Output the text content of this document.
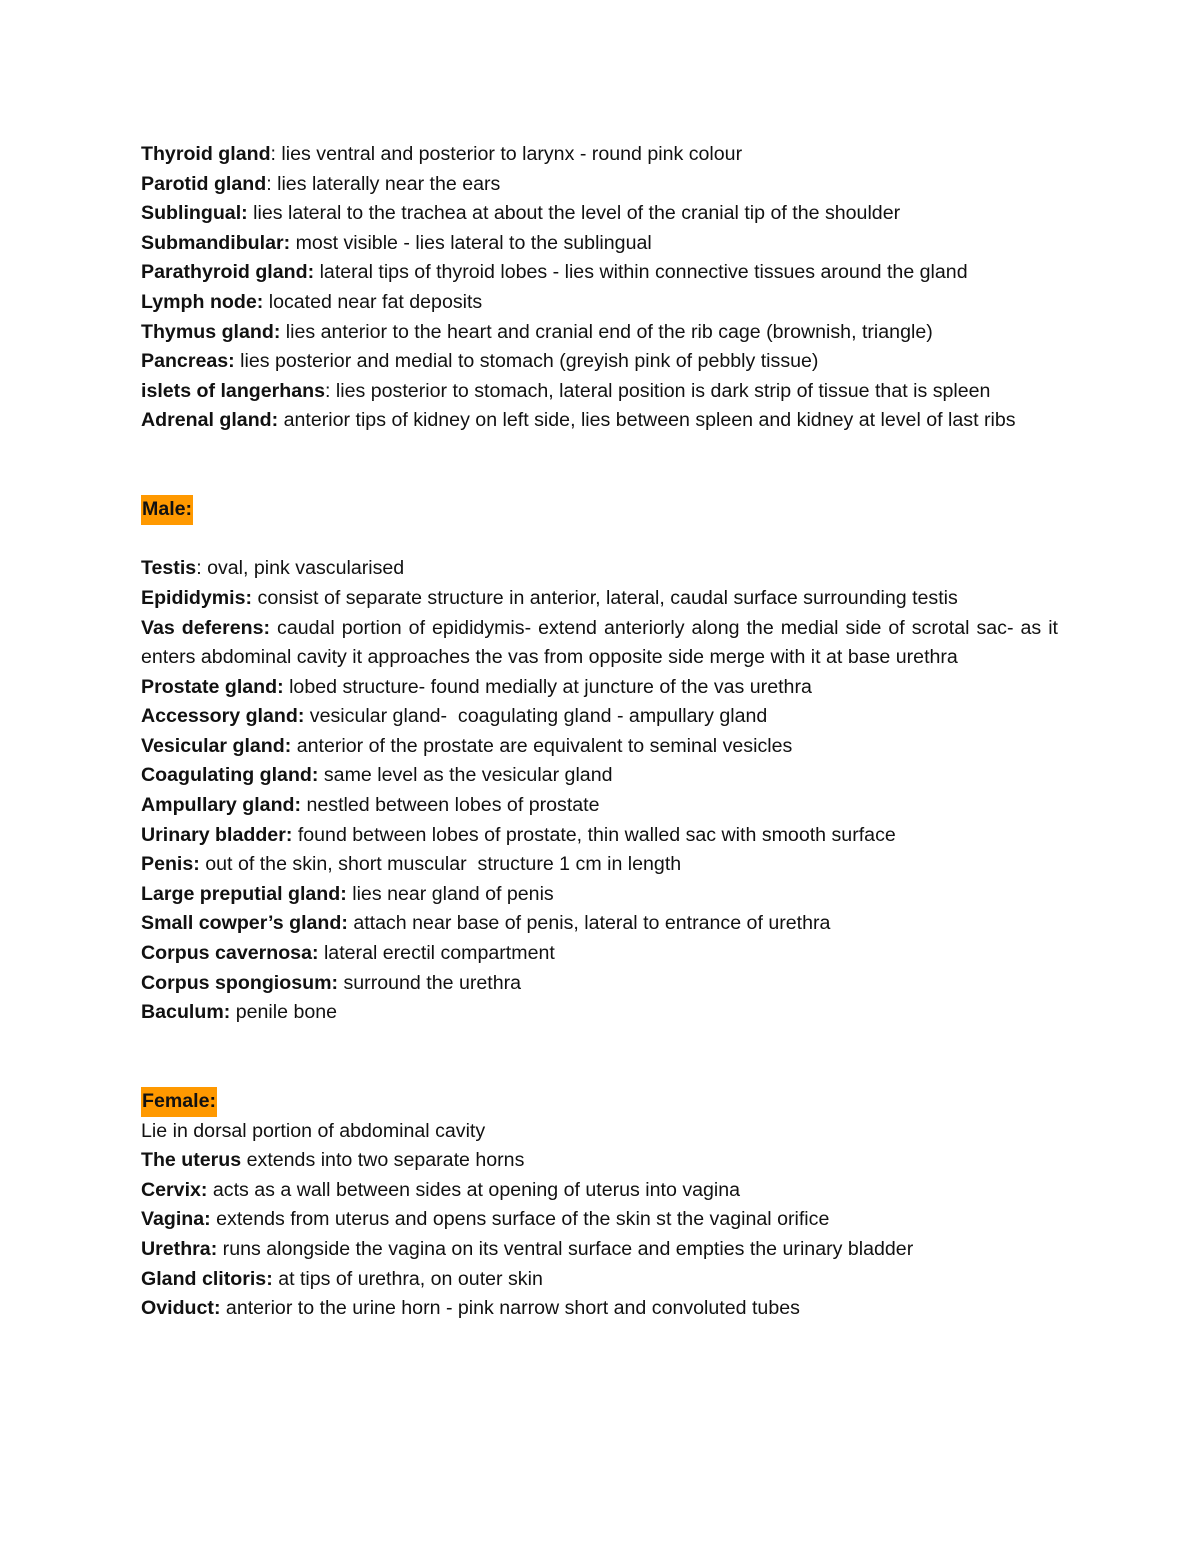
Thyroid gland: lies ventral and posterior to larynx - round pink colour
Parotid gland: lies laterally near the ears
Sublingual: lies lateral to the trachea at about the level of the cranial tip of the shoulder
Submandibular: most visible - lies lateral to the sublingual
Parathyroid gland: lateral tips of thyroid lobes - lies within connective tissues around the gland
Lymph node: located near fat deposits
Thymus gland: lies anterior to the heart and cranial end of the rib cage (brownish, triangle)
Pancreas: lies posterior and medial to stomach (greyish pink of pebbly tissue)
islets of langerhans: lies posterior to stomach, lateral position is dark strip of tissue that is spleen
Adrenal gland: anterior tips of kidney on left side, lies between spleen and kidney at level of last ribs
Male:
Testis: oval, pink vascularised
Epididymis: consist of separate structure in anterior, lateral, caudal surface surrounding testis
Vas deferens: caudal portion of epididymis- extend anteriorly along the medial side of scrotal sac- as it enters abdominal cavity it approaches the vas from opposite side merge with it at base urethra
Prostate gland: lobed structure- found medially at juncture of the vas urethra
Accessory gland: vesicular gland-  coagulating gland - ampullary gland
Vesicular gland: anterior of the prostate are equivalent to seminal vesicles
Coagulating gland: same level as the vesicular gland
Ampullary gland: nestled between lobes of prostate
Urinary bladder: found between lobes of prostate, thin walled sac with smooth surface
Penis: out of the skin, short muscular  structure 1 cm in length
Large preputial gland: lies near gland of penis
Small cowper’s gland: attach near base of penis, lateral to entrance of urethra
Corpus cavernosa: lateral erectil compartment
Corpus spongiosum: surround the urethra
Baculum: penile bone
Female:
Lie in dorsal portion of abdominal cavity
The uterus extends into two separate horns
Cervix: acts as a wall between sides at opening of uterus into vagina
Vagina: extends from uterus and opens surface of the skin st the vaginal orifice
Urethra: runs alongside the vagina on its ventral surface and empties the urinary bladder
Gland clitoris: at tips of urethra, on outer skin
Oviduct: anterior to the urine horn - pink narrow short and convoluted tubes
